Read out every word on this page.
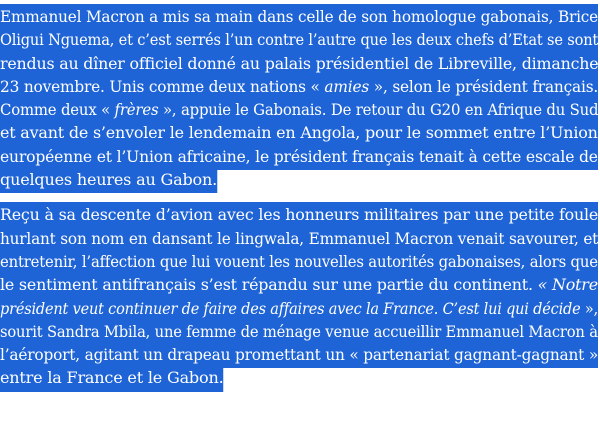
Emmanuel Macron a mis sa main dans celle de son homologue gabonais, Brice
Oligui Nguema, et c’est serrés l’un contre l’autre que les deux chefs d’Etat se sont
rendus au dîner officiel donné au palais présidentiel de Libreville, dimanche
23 novembre. Unis comme deux nations « amies », selon le président français.
Comme deux « frères », appuie le Gabonais. De retour du G20 en Afrique du Sud
et avant de s’envoler le lendemain en Angola, pour le sommet entre l’Union
européenne et l’Union africaine, le président français tenait à cette escale de
quelques heures au Gabon.
Reçu à sa descente d’avion avec les honneurs militaires par une petite foule
hurlant son nom en dansant le lingwala, Emmanuel Macron venait savourer, et
entretenir, l’affection que lui vouent les nouvelles autorités gabonaises, alors que
le sentiment antifrançais s’est répandu sur une partie du continent. « Notre
président veut continuer de faire des affaires avec la France. C’est lui qui décide »,
sourit Sandra Mbila, une femme de ménage venue accueillir Emmanuel Macron à
l’aéroport, agitant un drapeau promettant un « partenariat gagnant-gagnant »
entre la France et le Gabon.
